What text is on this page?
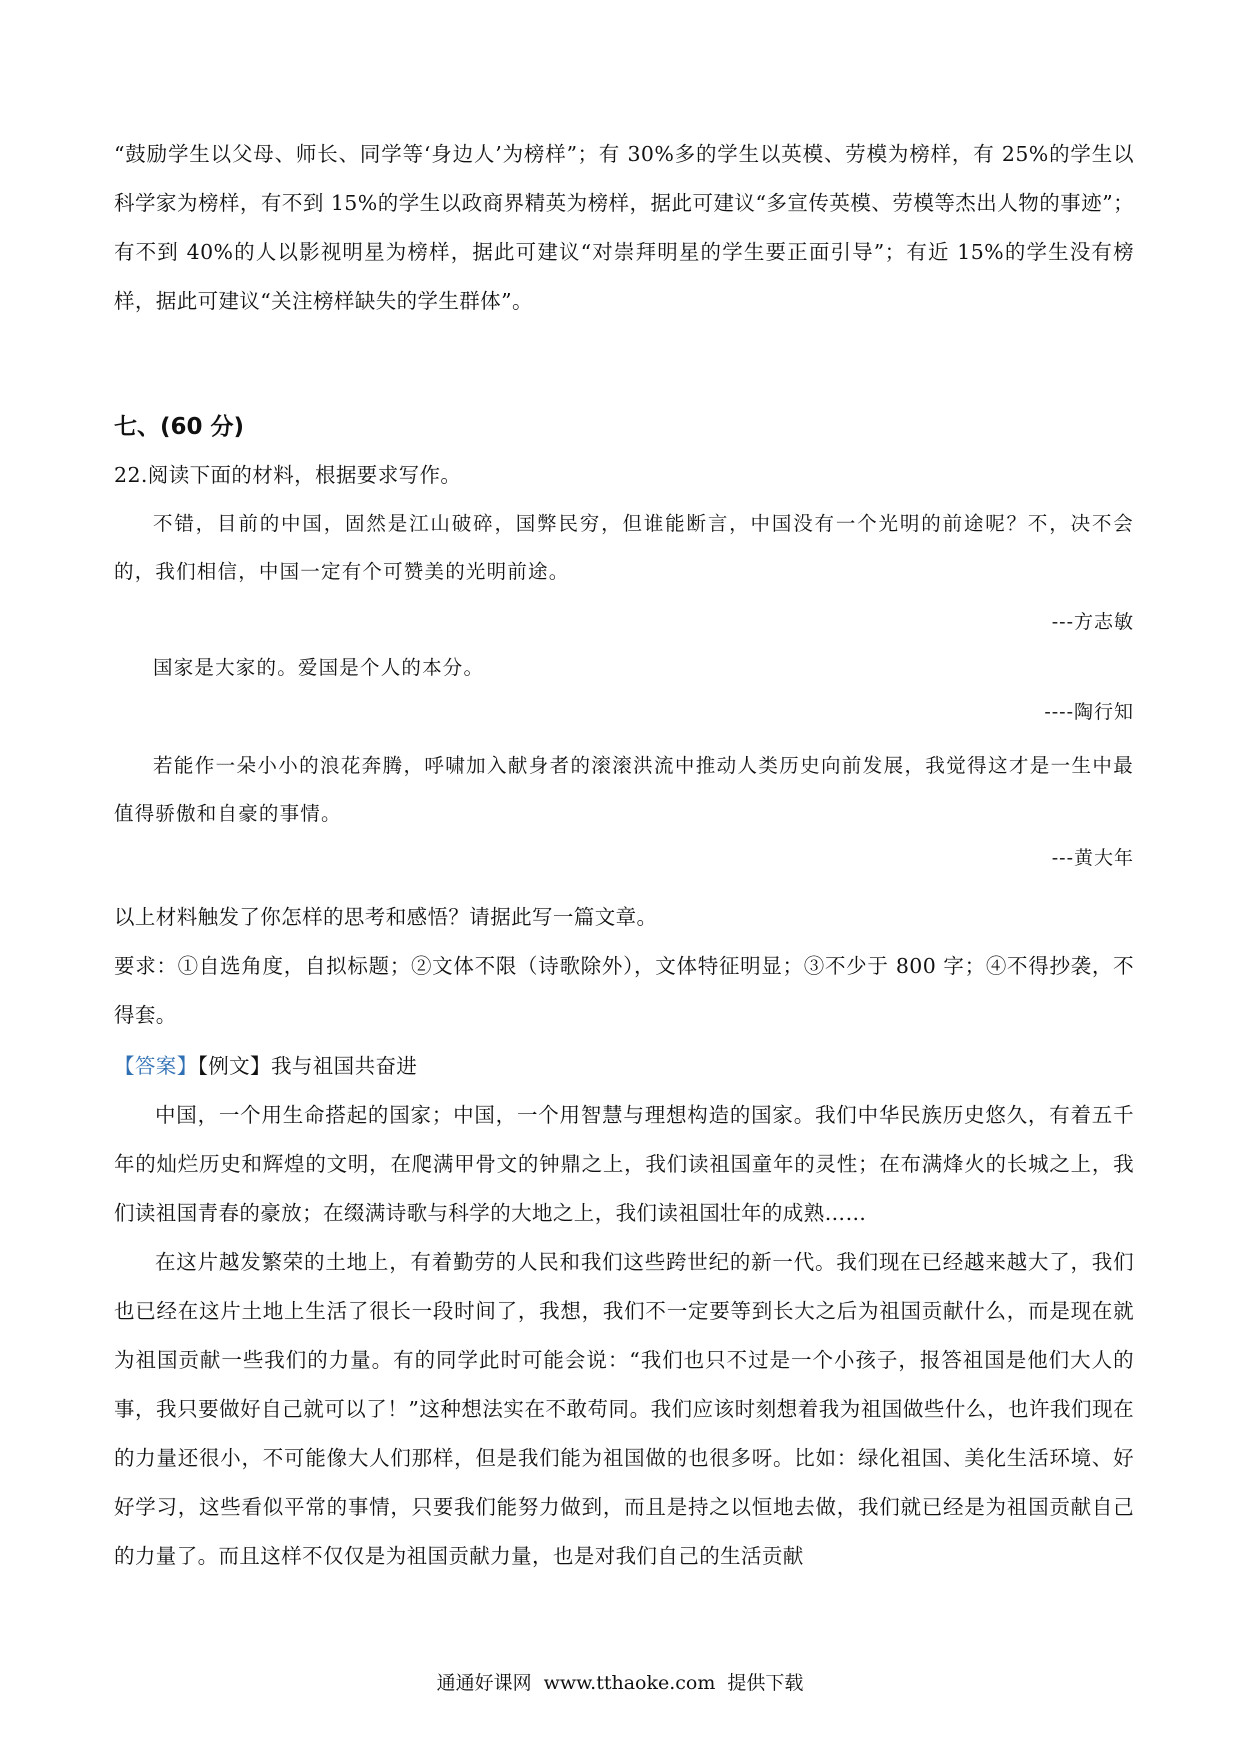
“鼓励学生以父母、师长、同学等‘身边人’为榜样”；有 30%多的学生以英模、劳模为榜样，有 25%的学生以科学家为榜样，有不到 15%的学生以政商界精英为榜样，据此可建议“多宣传英模、劳模等杰出人物的事迹”；有不到 40%的人以影视明星为榜样，据此可建议“对崇拜明星的学生要正面引导”；有近 15%的学生没有榜样，据此可建议“关注榜样缺失的学生群体”。

七、(60 分)

22.阅读下面的材料，根据要求写作。

不错，目前的中国，固然是江山破碎，国弊民穷，但谁能断言，中国没有一个光明的前途呢？不，决不会的，我们相信，中国一定有个可赞美的光明前途。

---方志敏

国家是大家的。爱国是个人的本分。

----陶行知

若能作一朵小小的浪花奔腾，呼啸加入献身者的滚滚洪流中推动人类历史向前发展，我觉得这才是一生中最值得骄傲和自豪的事情。

---黄大年

以上材料触发了你怎样的思考和感悟？请据此写一篇文章。

要求：①自选角度，自拟标题；②文体不限（诗歌除外），文体特征明显；③不少于 800 字；④不得抄袭，不得套。

【答案】【例文】我与祖国共奋进

中国，一个用生命搭起的国家；中国，一个用智慧与理想构造的国家。我们中华民族历史悠久，有着五千年的灿烂历史和辉煌的文明，在爬满甲骨文的钟鼎之上，我们读祖国童年的灵性；在布满烽火的长城之上，我们读祖国青春的豪放；在缀满诗歌与科学的大地之上，我们读祖国壮年的成熟……

在这片越发繁荣的土地上，有着勤劳的人民和我们这些跨世纪的新一代。我们现在已经越来越大了，我们也已经在这片土地上生活了很长一段时间了，我想，我们不一定要等到长大之后为祖国贡献什么，而是现在就为祖国贡献一些我们的力量。有的同学此时可能会说：“我们也只不过是一个小孩子，报答祖国是他们大人的事，我只要做好自己就可以了！”这种想法实在不敢苟同。我们应该时刻想着我为祖国做些什么，也许我们现在的力量还很小，不可能像大人们那样，但是我们能为祖国做的也很多呀。比如：绿化祖国、美化生活环境、好好学习，这些看似平常的事情，只要我们能努力做到，而且是持之以恒地去做，我们就已经是为祖国贡献自己的力量了。而且这样不仅仅是为祖国贡献力量，也是对我们自己的生活贡献

通通好课网 www.tthaoke.com 提供下载
